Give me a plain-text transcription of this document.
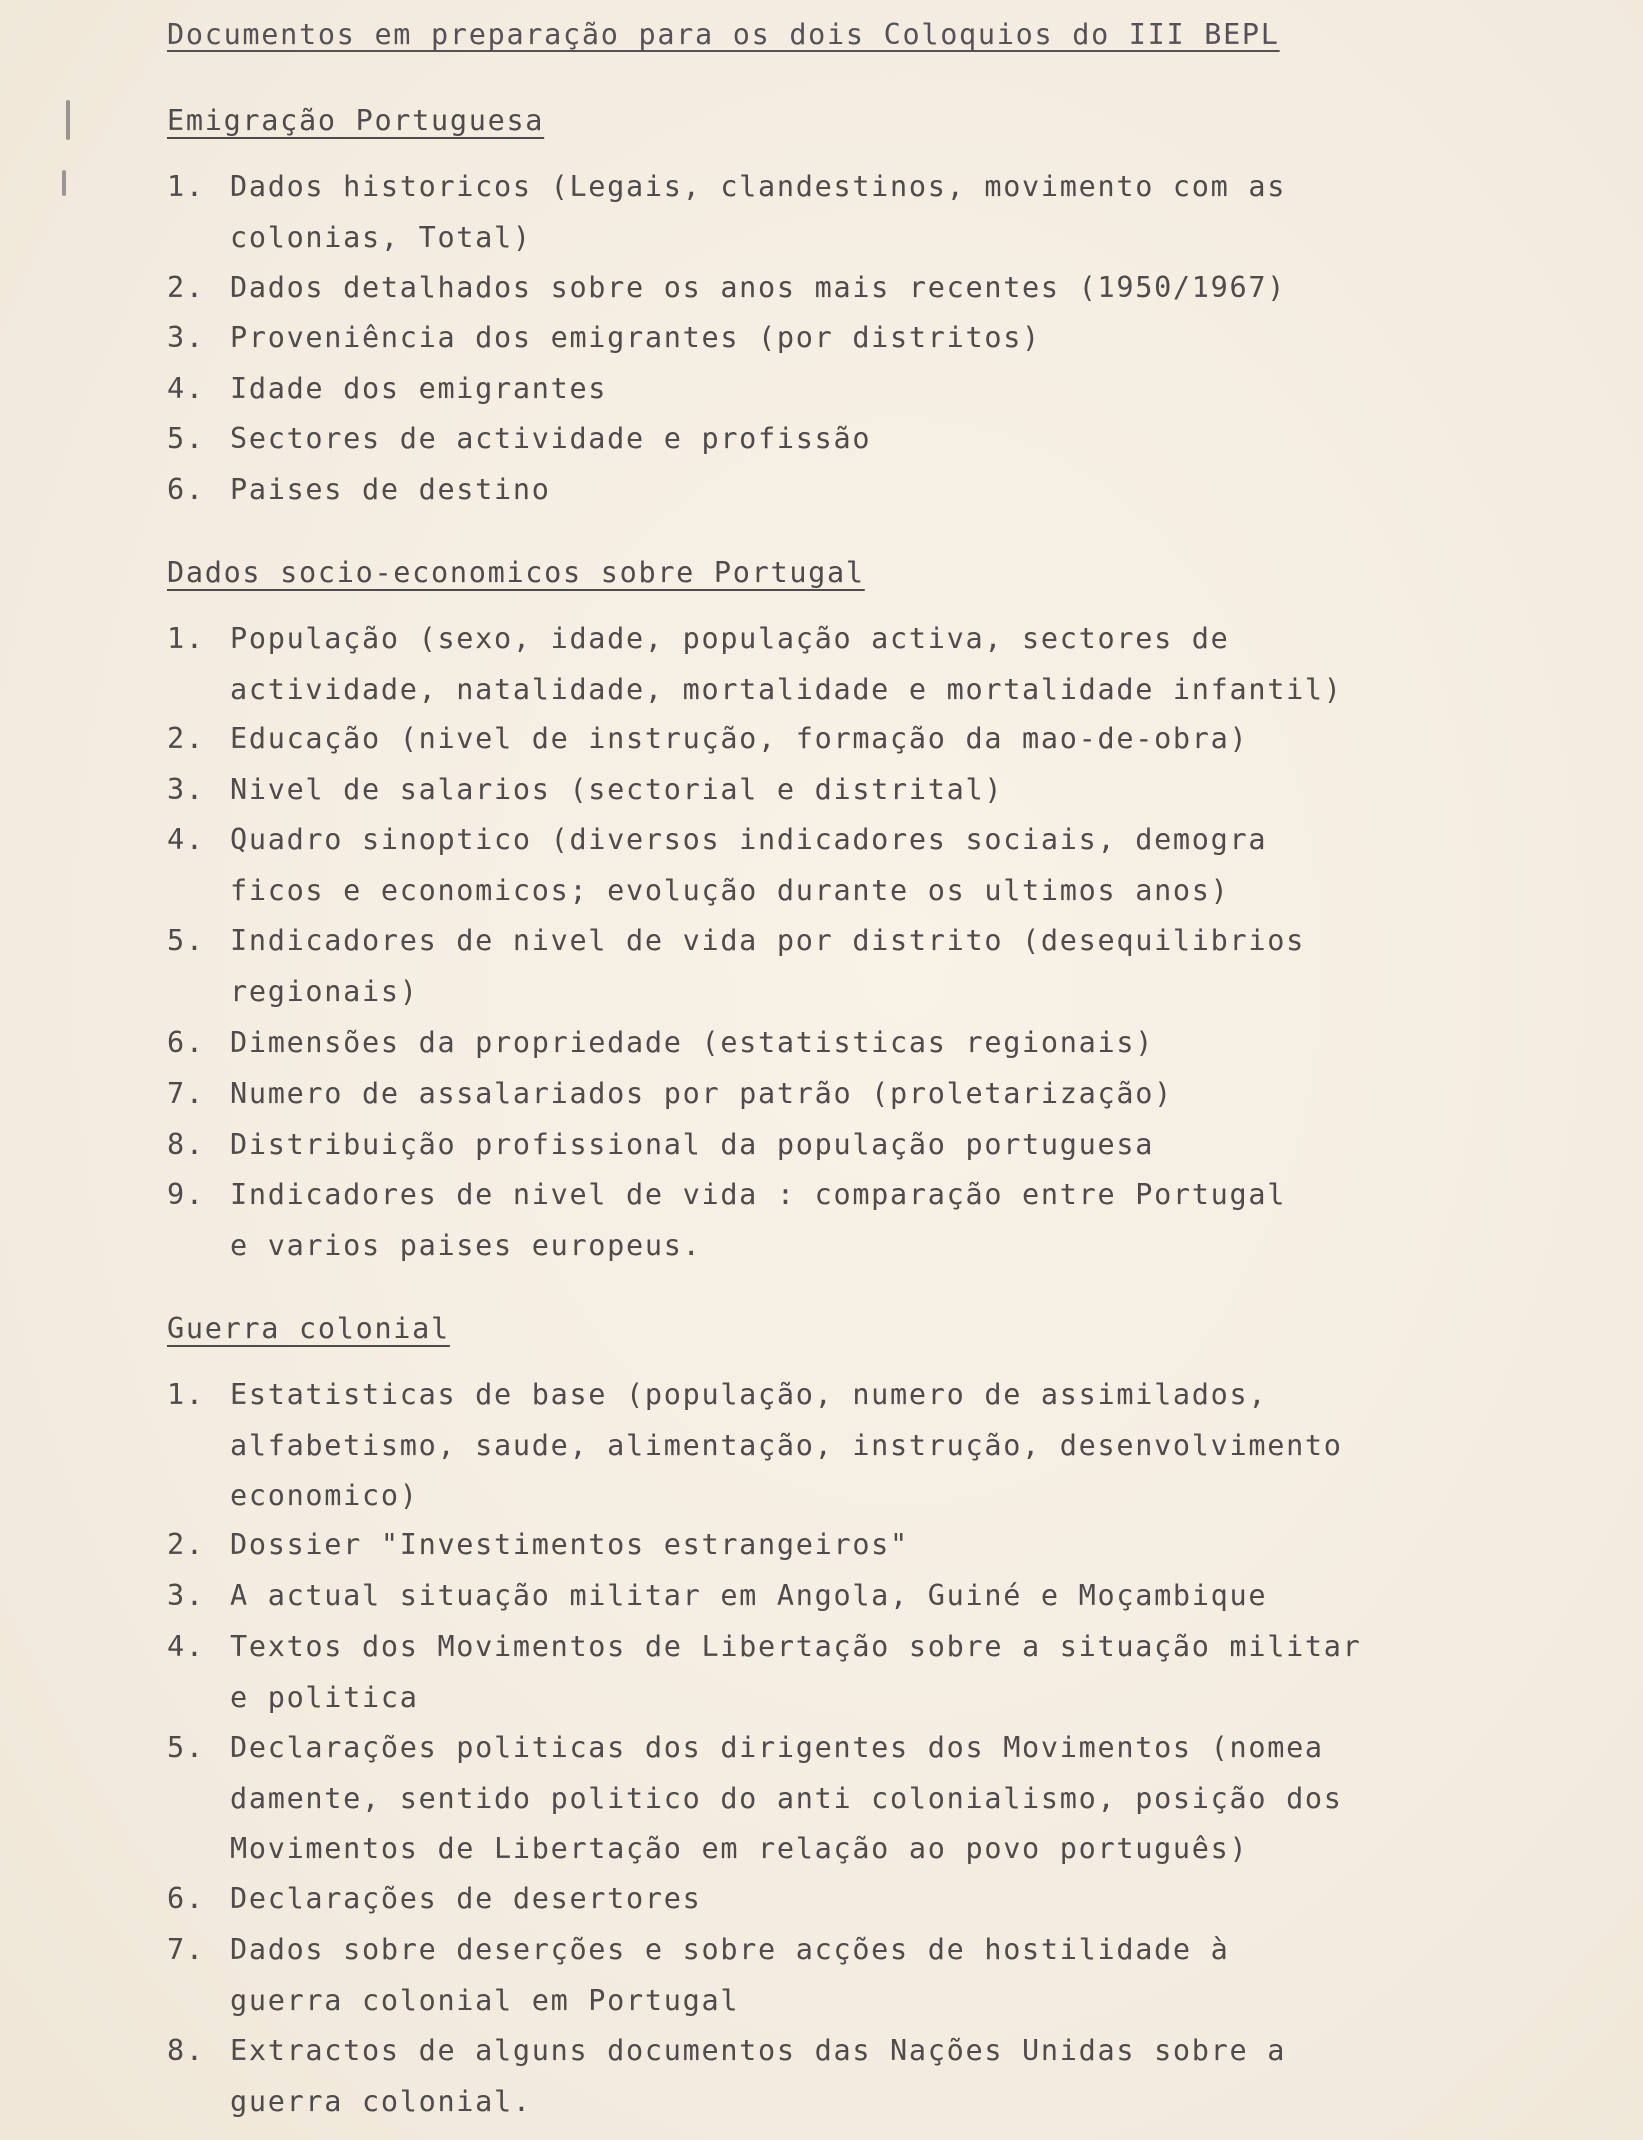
Documentos em preparação para os dois Coloquios do III BEPL
Emigração Portuguesa
1. Dados historicos (Legais, clandestinos, movimento com as
colonias, Total)
2. Dados detalhados sobre os anos mais recentes (1950/1967)
3. Proveniência dos emigrantes (por distritos)
4. Idade dos emigrantes
5. Sectores de actividade e profissão
6. Paises de destino
Dados socio-economicos sobre Portugal
1. População (sexo, idade, população activa, sectores de
actividade, natalidade, mortalidade e mortalidade infantil)
2. Educação (nivel de instrução, formação da mao-de-obra)
3. Nivel de salarios (sectorial e distrital)
4. Quadro sinoptico (diversos indicadores sociais, demogra
ficos e economicos; evolução durante os ultimos anos)
5. Indicadores de nivel de vida por distrito (desequilibrios
regionais)
6. Dimensões da propriedade (estatisticas regionais)
7. Numero de assalariados por patrão (proletarização)
8. Distribuição profissional da população portuguesa
9. Indicadores de nivel de vida : comparação entre Portugal
e varios paises europeus.
Guerra colonial
1. Estatisticas de base (população, numero de assimilados,
alfabetismo, saude, alimentação, instrução, desenvolvimento
economico)
2. Dossier "Investimentos estrangeiros"
3. A actual situação militar em Angola, Guiné e Moçambique
4. Textos dos Movimentos de Libertação sobre a situação militar
e politica
5. Declarações politicas dos dirigentes dos Movimentos (nomea
damente, sentido politico do anti colonialismo, posição dos
Movimentos de Libertação em relação ao povo português)
6. Declarações de desertores
7. Dados sobre deserções e sobre acções de hostilidade à
guerra colonial em Portugal
8. Extractos de alguns documentos das Nações Unidas sobre a
guerra colonial.
